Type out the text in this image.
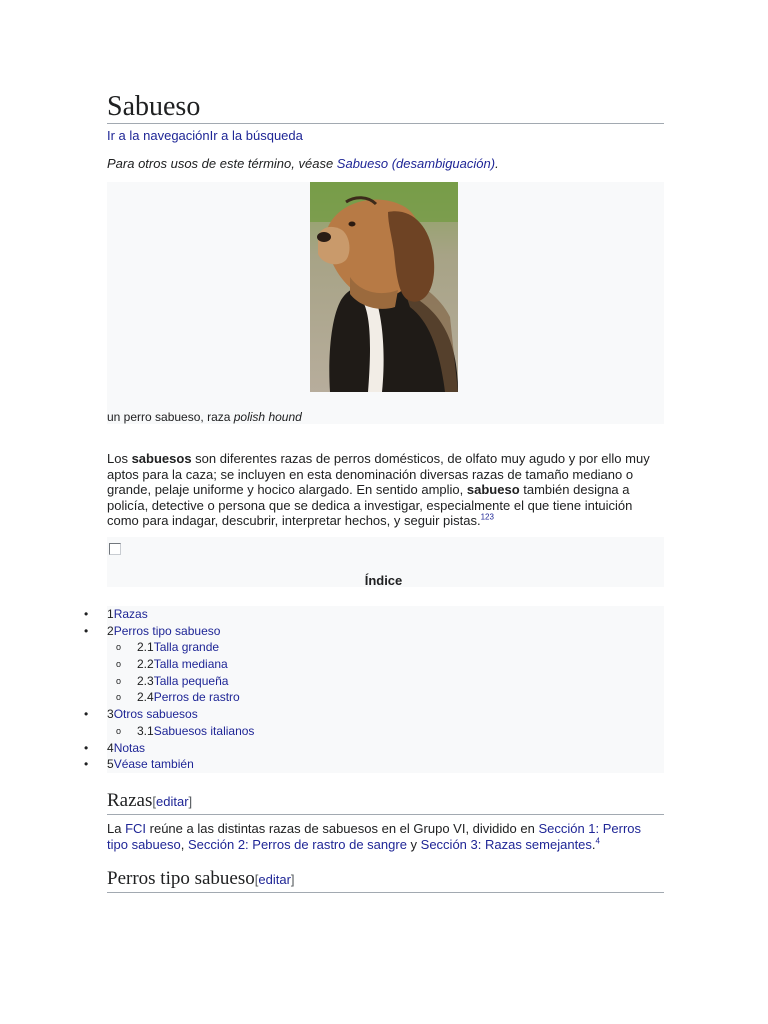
Sabueso
Ir a la navegaciónIr a la búsqueda
Para otros usos de este término, véase Sabueso (desambiguación).
un perro sabueso, raza polish hound

Los sabuesos son diferentes razas de perros domésticos, de olfato muy agudo y por ello muy aptos para la caza; se incluyen en esta denominación diversas razas de tamaño mediano o grande, pelaje uniforme y hocico alargado. En sentido amplio, sabueso también designa a policía, detective o persona que se dedica a investigar, especialmente el que tiene intuición como para indagar, descubrir, interpretar hechos, y seguir pistas.$^{123}$

Índice
• 1Razas
• 2Perros tipo sabueso
o 2.1Talla grande
o 2.2Talla mediana
o 2.3Talla pequeña
o 2.4Perros de rastro
• 3Otros sabuesos
o 3.1Sabuesos italianos
• 4Notas
• 5Véase también
Razas[editar]

La FCI reúne a las distintas razas de sabuesos en el Grupo VI, dividido en Sección 1: Perros tipo sabueso, Sección 2: Perros de rastro de sangre y Sección 3: Razas semejantes.$^4$

Perros tipo sabueso[editar]
